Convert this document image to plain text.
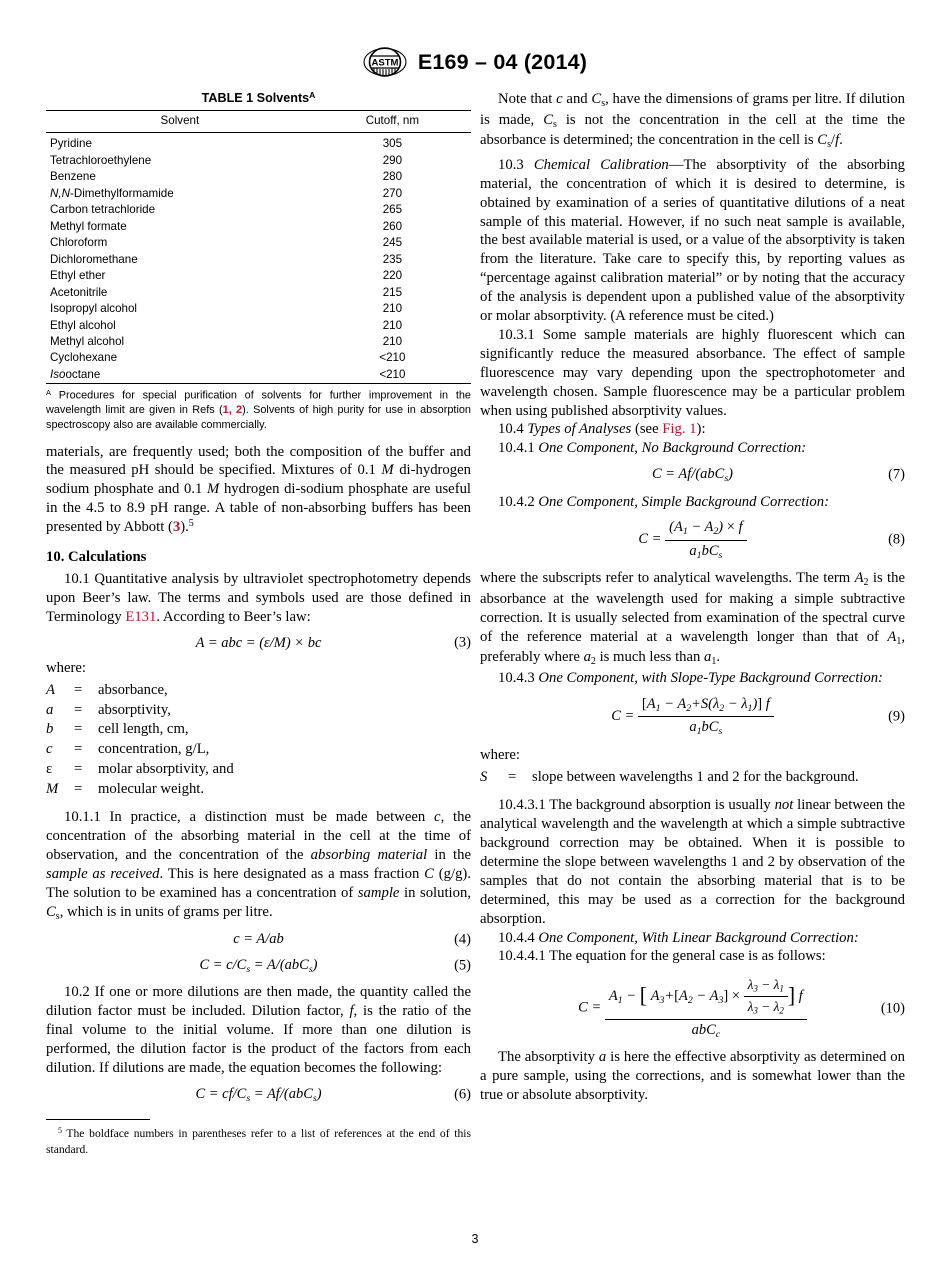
ASTM E169 – 04 (2014)
TABLE 1 Solvents$^A$
Solvent	Cutoff, nm
Pyridine	305
Tetrachloroethylene	290
Benzene	280
N,N-Dimethylformamide	270
Carbon tetrachloride	265
Methyl formate	260
Chloroform	245
Dichloromethane	235
Ethyl ether	220
Acetonitrile	215
Isopropyl alcohol	210
Ethyl alcohol	210
Methyl alcohol	210
Cyclohexane	<210
Isooctane	<210
$^A$ Procedures for special purification of solvents for further improvement in the wavelength limit are given in Refs (1, 2). Solvents of high purity for use in absorption spectroscopy also are available commercially.

materials, are frequently used; both the composition of the buffer and the measured pH should be specified. Mixtures of 0.1 M di-hydrogen sodium phosphate and 0.1 M hydrogen di-sodium phosphate are useful in the 4.5 to 8.9 pH range. A table of non-absorbing buffers has been presented by Abbott (3).$^5$

10. Calculations

10.1 Quantitative analysis by ultraviolet spectrophotometry depends upon Beer’s law. The terms and symbols used are those defined in Terminology E131. According to Beer’s law:

A = abc = (ε/M) × bc	(3)

where:

A	=	absorbance,
a	=	absorptivity,
b	=	cell length, cm,
c	=	concentration, g/L,
ε	=	molar absorptivity, and
M	=	molecular weight.

10.1.1 In practice, a distinction must be made between c, the concentration of the absorbing material in the cell at the time of observation, and the concentration of the absorbing material in the sample as received. This is here designated as a mass fraction C (g/g). The solution to be examined has a concentration of sample in solution, $C_s$, which is in units of grams per litre.

c = A/ab	(4)
$C = c/C_s = A/(abC_s)$	(5)

10.2 If one or more dilutions are then made, the quantity called the dilution factor must be included. Dilution factor, f, is the ratio of the final volume to the initial volume. If more than one dilution is performed, the dilution factor is the product of the factors from each dilution. If dilutions are made, the equation becomes the following:

$C = cf/C_s = Af/(abC_s)$	(6)

$^5$ The boldface numbers in parentheses refer to a list of references at the end of this standard.

Note that c and $C_s$, have the dimensions of grams per litre. If dilution is made, $C_s$ is not the concentration in the cell at the time the absorbance is determined; the concentration in the cell is $C_s/f$.

10.3 Chemical Calibration—The absorptivity of the absorbing material, the concentration of which it is desired to determine, is obtained by examination of a series of quantitative dilutions of a neat sample of this material. However, if no such neat sample is available, the best available material is used, or a value of the absorptivity is taken from the literature. Take care to specify this, by reporting values as “percentage against calibration material” or by noting that the accuracy of the analysis is dependent upon a published value of the absorptivity or molar absorptivity. (A reference must be cited.)

10.3.1 Some sample materials are highly fluorescent which can significantly reduce the measured absorbance. The effect of sample fluorescence may vary depending upon the spectrophotometer and wavelength chosen. Sample fluorescence may be a particular problem when using published absorptivity values.

10.4 Types of Analyses (see Fig. 1):

10.4.1 One Component, No Background Correction:

C = Af/(abC$_s$)	(7)

10.4.2 One Component, Simple Background Correction:

$C = \frac{(A_1 - A_2) \times f}{a_1bC_s}$	(8)

where the subscripts refer to analytical wavelengths. The term $A_2$ is the absorbance at the wavelength used for making a simple subtractive correction. It is usually selected from examination of the spectral curve of the reference material at a wavelength longer than that of $A_1$, preferably where $a_2$ is much less than $a_1$.

10.4.3 One Component, with Slope-Type Background Correction:

$C = \frac{[A_1 - A_2+S(\lambda_2 - \lambda_1)] f}{a_1bC_s}$	(9)

where:

S	=	slope between wavelengths 1 and 2 for the background.

10.4.3.1 The background absorption is usually not linear between the analytical wavelength and the wavelength at which a simple subtractive background correction may be obtained. When it is possible to determine the slope between wavelengths 1 and 2 by observation of the samples that do not contain the absorbing material that is to be determined, this may be used as a correction for the background absorption.

10.4.4 One Component, With Linear Background Correction:

10.4.4.1 The equation for the general case is as follows:

C =
$A_1$ − [ $A_3+[A_2 - A_3] \times \frac{\lambda_3 - \lambda_1}{\lambda_3 - \lambda_2}$ ] f
abC$_c$
(10)

The absorptivity a is here the effective absorptivity as determined on a pure sample, using the corrections, and is somewhat lower than the true or absolute absorptivity.

3
